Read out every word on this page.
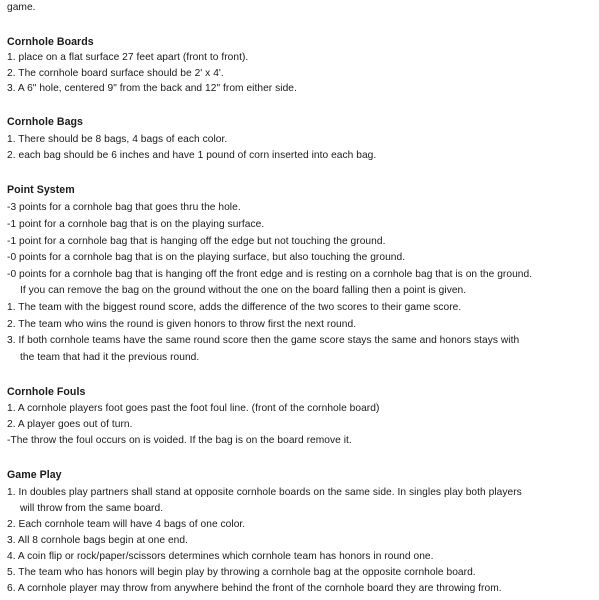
game.
Cornhole Boards
1. place on a flat surface 27 feet apart (front to front).
2. The cornhole board surface should be 2' x 4'.
3. A 6" hole, centered 9" from the back and 12" from either side.
Cornhole Bags
1. There should be 8 bags, 4 bags of each color.
2. each bag should be 6 inches and have 1 pound of corn inserted into each bag.
Point System
-3 points for a cornhole bag that goes thru the hole.
-1 point for a cornhole bag that is on the playing surface.
-1 point for a cornhole bag that is hanging off the edge but not touching the ground.
-0 points for a cornhole bag that is on the playing surface, but also touching the ground.
-0 points for a cornhole bag that is hanging off the front edge and is resting on a cornhole bag that is on the ground.
If you can remove the bag on the ground without the one on the board falling then a point is given.
1. The team with the biggest round score, adds the difference of the two scores to their game score.
2. The team who wins the round is given honors to throw first the next round.
3. If both cornhole teams have the same round score then the game score stays the same and honors stays with
the team that had it the previous round.
Cornhole Fouls
1. A cornhole players foot goes past the foot foul line. (front of the cornhole board)
2. A player goes out of turn.
-The throw the foul occurs on is voided. If the bag is on the board remove it.
Game Play
1. In doubles play partners shall stand at opposite cornhole boards on the same side. In singles play both players
will throw from the same board.
2. Each cornhole team will have 4 bags of one color.
3. All 8 cornhole bags begin at one end.
4. A coin flip or rock/paper/scissors determines which cornhole team has honors in round one.
5. The team who has honors will begin play by throwing a cornhole bag at the opposite cornhole board.
6. A cornhole player may throw from anywhere behind the front of the cornhole board they are throwing from.
